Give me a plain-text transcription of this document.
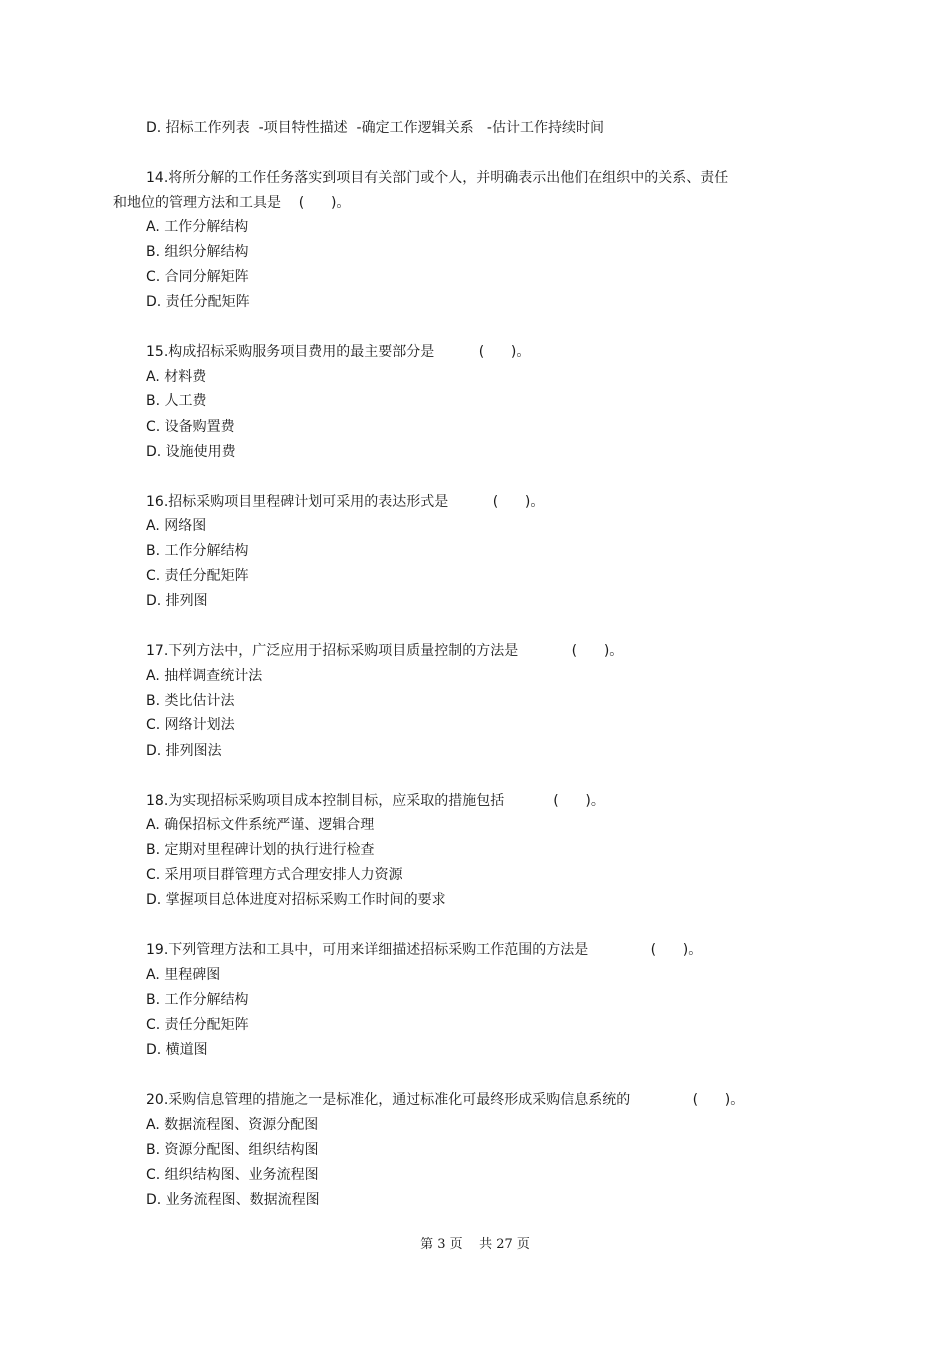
D. 招标工作列表  -项目特性描述  -确定工作逻辑关系   -估计工作持续时间
14.将所分解的工作任务落实到项目有关部门或个人，并明确表示出他们在组织中的关系、责任
和地位的管理方法和工具是    (      )。
A. 工作分解结构
B. 组织分解结构
C. 合同分解矩阵
D. 责任分配矩阵
15.构成招标采购服务项目费用的最主要部分是          (      )。
A. 材料费
B. 人工费
C. 设备购置费
D. 设施使用费
16.招标采购项目里程碑计划可采用的表达形式是          (      )。
A. 网络图
B. 工作分解结构
C. 责任分配矩阵
D. 排列图
17.下列方法中，广泛应用于招标采购项目质量控制的方法是            (      )。
A. 抽样调查统计法
B. 类比估计法
C. 网络计划法
D. 排列图法
18.为实现招标采购项目成本控制目标，应采取的措施包括           (      )。
A. 确保招标文件系统严谨、逻辑合理
B. 定期对里程碑计划的执行进行检查
C. 采用项目群管理方式合理安排人力资源
D. 掌握项目总体进度对招标采购工作时间的要求
19.下列管理方法和工具中，可用来详细描述招标采购工作范围的方法是              (      )。
A. 里程碑图
B. 工作分解结构
C. 责任分配矩阵
D. 横道图
20.采购信息管理的措施之一是标准化，通过标准化可最终形成采购信息系统的              (      )。
A. 数据流程图、资源分配图
B. 资源分配图、组织结构图
C. 组织结构图、业务流程图
D. 业务流程图、数据流程图
第 3 页    共 27 页
